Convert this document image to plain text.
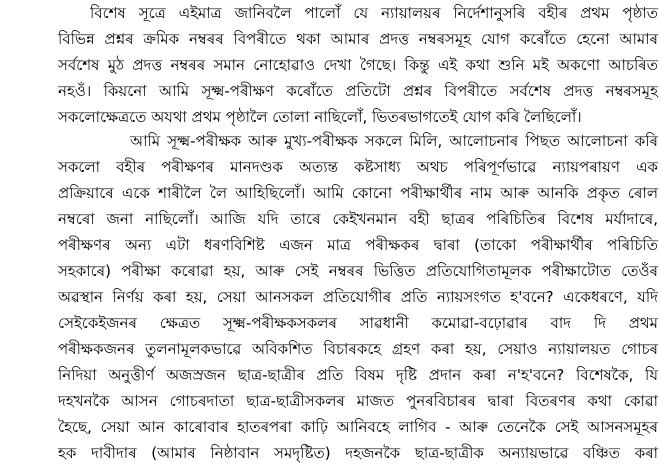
বিশেষ সূত্রে এইমাত্র জানিবলৈ পালোঁ যে ন্যায়ালয়ৰ নিৰ্দেশানুসৰি বহীৰ প্ৰথম পৃষ্ঠাত
বিভিন্ন প্ৰশ্নৰ ক্ৰমিক নম্বৰৰ বিপৰীতে থকা আমাৰ প্ৰদত্ত নম্বৰসমূহ যোগ কৰোঁতে হেনো আমাৰ
সৰ্বশেষ মুঠ প্ৰদত্ত নম্বৰৰ সমান নোহোৱাও দেখা গৈছে। কিন্তু এই কথা শুনি মই অকণো আচৰিত
নহওঁ। কিয়নো আমি সূক্ষ্ম-পৰীক্ষণ কৰোঁতে প্ৰতিটো প্ৰশ্নৰ বিপৰীতে সৰ্বশেষ প্ৰদত্ত নম্বৰসমূহ
সকলোক্ষেত্ৰতে অযথা প্ৰথম পৃষ্ঠালৈ তোলা নাছিলোঁ, ভিতৰভাগতেই যোগ কৰি লৈছিলোঁ।
আমি সূক্ষ্ম-পৰীক্ষক আৰু মুখ্য-পৰীক্ষক সকলে মিলি, আলোচনাৰ পিছত আলোচনা কৰি
সকলো বহীৰ পৰীক্ষণৰ মানদণ্ডক অত্যন্ত কষ্টসাধ্য অথচ পৰিপূৰ্ণভাৱে ন্যায়পৰায়ণ এক
প্ৰক্ৰিয়াৰে একে শাৰীলৈ লৈ আহিছিলোঁ। আমি কোনো পৰীক্ষাৰ্থীৰ নাম আৰু আনকি প্ৰকৃত ৰোল
নম্বৰো জনা নাছিলোঁ। আজি যদি তাৰে কেইখনমান বহী ছাত্ৰৰ পৰিচিতিৰ বিশেষ মৰ্যাদাৰে,
পৰীক্ষণৰ অন্য এটা ধৰণবিশিষ্ট এজন মাত্ৰ পৰীক্ষকৰ দ্বাৰা (তাকো পৰীক্ষাৰ্থীৰ পৰিচিতি
সহকাৰে) পৰীক্ষা কৰোৱা হয়, আৰু সেই নম্বৰৰ ভিত্তিত প্ৰতিযোগিতামূলক পৰীক্ষাটোত তেওঁৰ
অৱস্থান নিৰ্ণয় কৰা হয়, সেয়া আনসকল প্ৰতিযোগীৰ প্ৰতি ন্যায়সংগত হ'বনে? একেধৰণে, যদি
সেইকেইজনৰ ক্ষেত্ৰত সূক্ষ্ম-পৰীক্ষকসকলৰ সাৱধানী কমোৱা-বঢ়োৱাৰ বাদ দি প্ৰথম
পৰীক্ষকজনৰ তুলনামূলকভাৱে অবিকশিত বিচাৰকহে গ্ৰহণ কৰা হয়, সেয়াও ন্যায়ালয়ত গোচৰ
নিদিয়া অনুত্তীৰ্ণ অজস্ৰজন ছাত্ৰ-ছাত্ৰীৰ প্ৰতি বিষম দৃষ্টি প্ৰদান কৰা ন'হ'বনে? বিশেষকৈ, যি
দহখনকৈ আসন গোচৰদাতা ছাত্ৰ-ছাত্ৰীসকলৰ মাজত পুনৰবিচাৰৰ দ্বাৰা বিতৰণৰ কথা কোৱা
হৈছে, সেয়া আন কাৰোবাৰ হাতৰপৰা কাঢ়ি আনিবহে লাগিব - আৰু তেনেকৈ সেই আসনসমূহৰ
হক দাবীদাৰ (আমাৰ নিষ্ঠাবান সমদৃষ্টিত) দহজনকৈ ছাত্ৰ-ছাত্ৰীক অন্যায়ভাৱে বঞ্চিত কৰা
